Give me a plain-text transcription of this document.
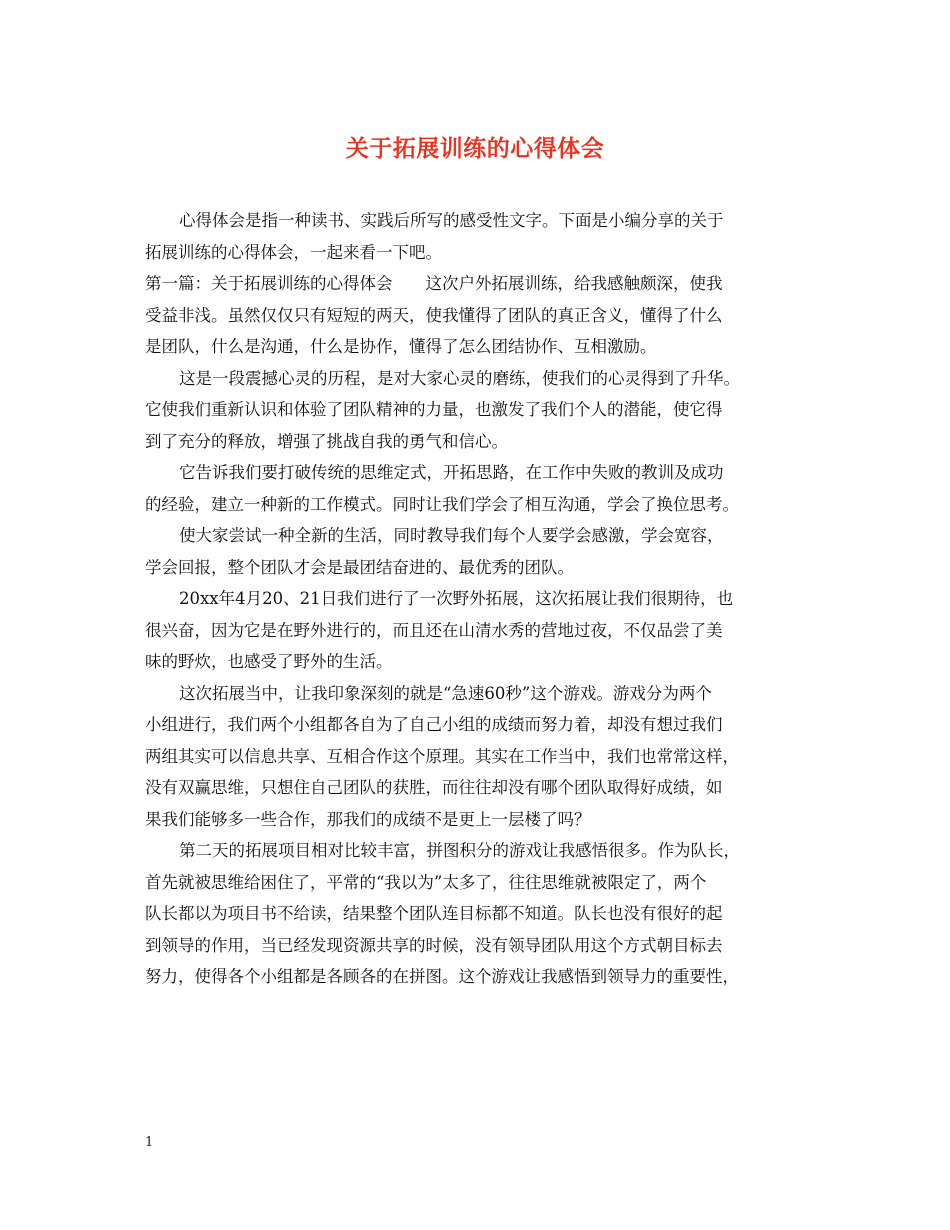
关于拓展训练的心得体会
心得体会是指一种读书、实践后所写的感受性文字。下面是小编分享的关于
拓展训练的心得体会，一起来看一下吧。
第一篇：关于拓展训练的心得体会　　这次户外拓展训练，给我感触颇深，使我
受益非浅。虽然仅仅只有短短的两天，使我懂得了团队的真正含义，懂得了什么
是团队，什么是沟通，什么是协作，懂得了怎么团结协作、互相激励。
这是一段震撼心灵的历程，是对大家心灵的磨练，使我们的心灵得到了升华。
它使我们重新认识和体验了团队精神的力量，也激发了我们个人的潜能，使它得
到了充分的释放，增强了挑战自我的勇气和信心。
它告诉我们要打破传统的思维定式，开拓思路，在工作中失败的教训及成功
的经验，建立一种新的工作模式。同时让我们学会了相互沟通，学会了换位思考。
使大家尝试一种全新的生活，同时教导我们每个人要学会感激，学会宽容，
学会回报，整个团队才会是最团结奋进的、最优秀的团队。
20xx年4月20、21日我们进行了一次野外拓展，这次拓展让我们很期待，也
很兴奋，因为它是在野外进行的，而且还在山清水秀的营地过夜，不仅品尝了美
味的野炊，也感受了野外的生活。
这次拓展当中，让我印象深刻的就是“急速60秒”这个游戏。游戏分为两个
小组进行，我们两个小组都各自为了自己小组的成绩而努力着，却没有想过我们
两组其实可以信息共享、互相合作这个原理。其实在工作当中，我们也常常这样，
没有双赢思维，只想住自己团队的获胜，而往往却没有哪个团队取得好成绩，如
果我们能够多一些合作，那我们的成绩不是更上一层楼了吗？
第二天的拓展项目相对比较丰富，拼图积分的游戏让我感悟很多。作为队长，
首先就被思维给困住了，平常的“我以为”太多了，往往思维就被限定了，两个
队长都以为项目书不给读，结果整个团队连目标都不知道。队长也没有很好的起
到领导的作用，当已经发现资源共享的时候，没有领导团队用这个方式朝目标去
努力，使得各个小组都是各顾各的在拼图。这个游戏让我感悟到领导力的重要性，
1
